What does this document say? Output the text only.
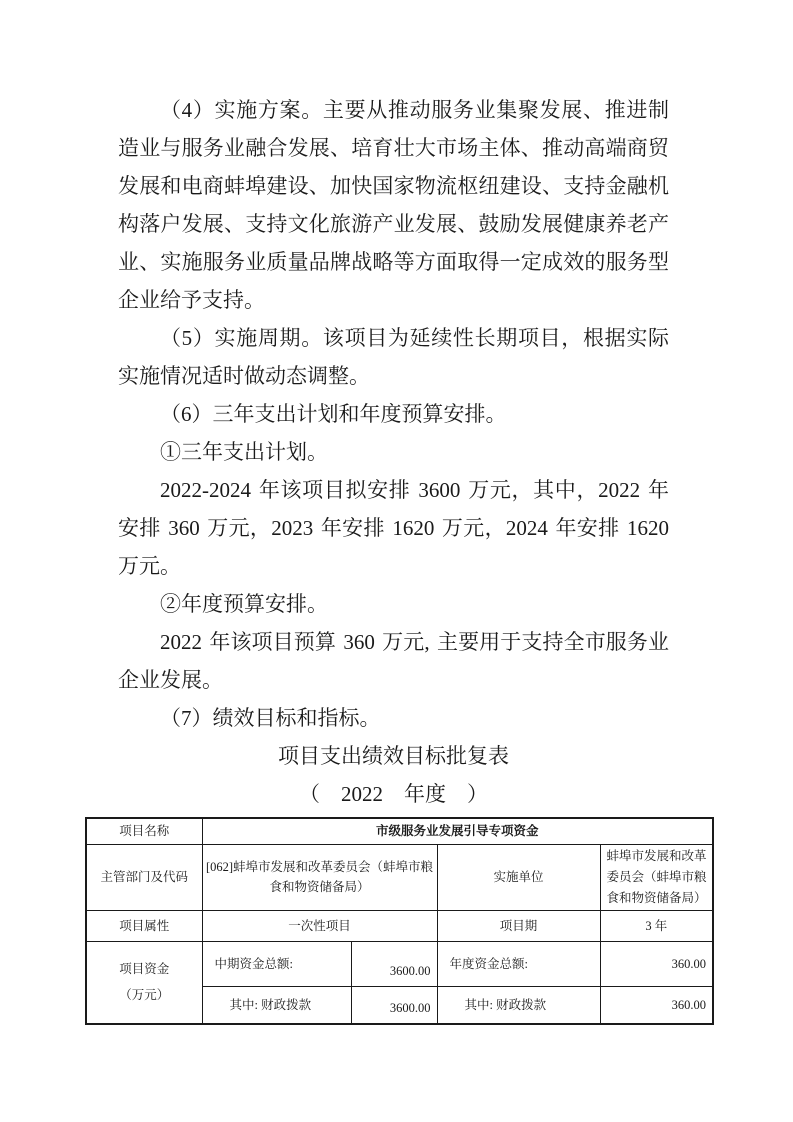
（4）实施方案。主要从推动服务业集聚发展、推进制造业与服务业融合发展、培育壮大市场主体、推动高端商贸发展和电商蚌埠建设、加快国家物流枢纽建设、支持金融机构落户发展、支持文化旅游产业发展、鼓励发展健康养老产业、实施服务业质量品牌战略等方面取得一定成效的服务型企业给予支持。

（5）实施周期。该项目为延续性长期项目，根据实际实施情况适时做动态调整。

（6）三年支出计划和年度预算安排。

①三年支出计划。

2022-2024 年该项目拟安排 3600 万元，其中，2022 年安排 360 万元，2023 年安排 1620 万元，2024 年安排 1620 万元。

②年度预算安排。

2022 年该项目预算 360 万元, 主要用于支持全市服务业企业发展。

（7）绩效目标和指标。

项目支出绩效目标批复表

（　2022　年度　）

项目名称	市级服务业发展引导专项资金			
主管部门及代码	[062]蚌埠市发展和改革委员会（蚌埠市粮食和物资储备局）		实施单位	蚌埠市发展和改革委员会（蚌埠市粮食和物资储备局）
项目属性	一次性项目		项目期	3 年
项目资金
（万元）	中期资金总额:	3600.00	年度资金总额:	360.00
	其中: 财政拨款	3600.00	其中: 财政拨款	360.00
